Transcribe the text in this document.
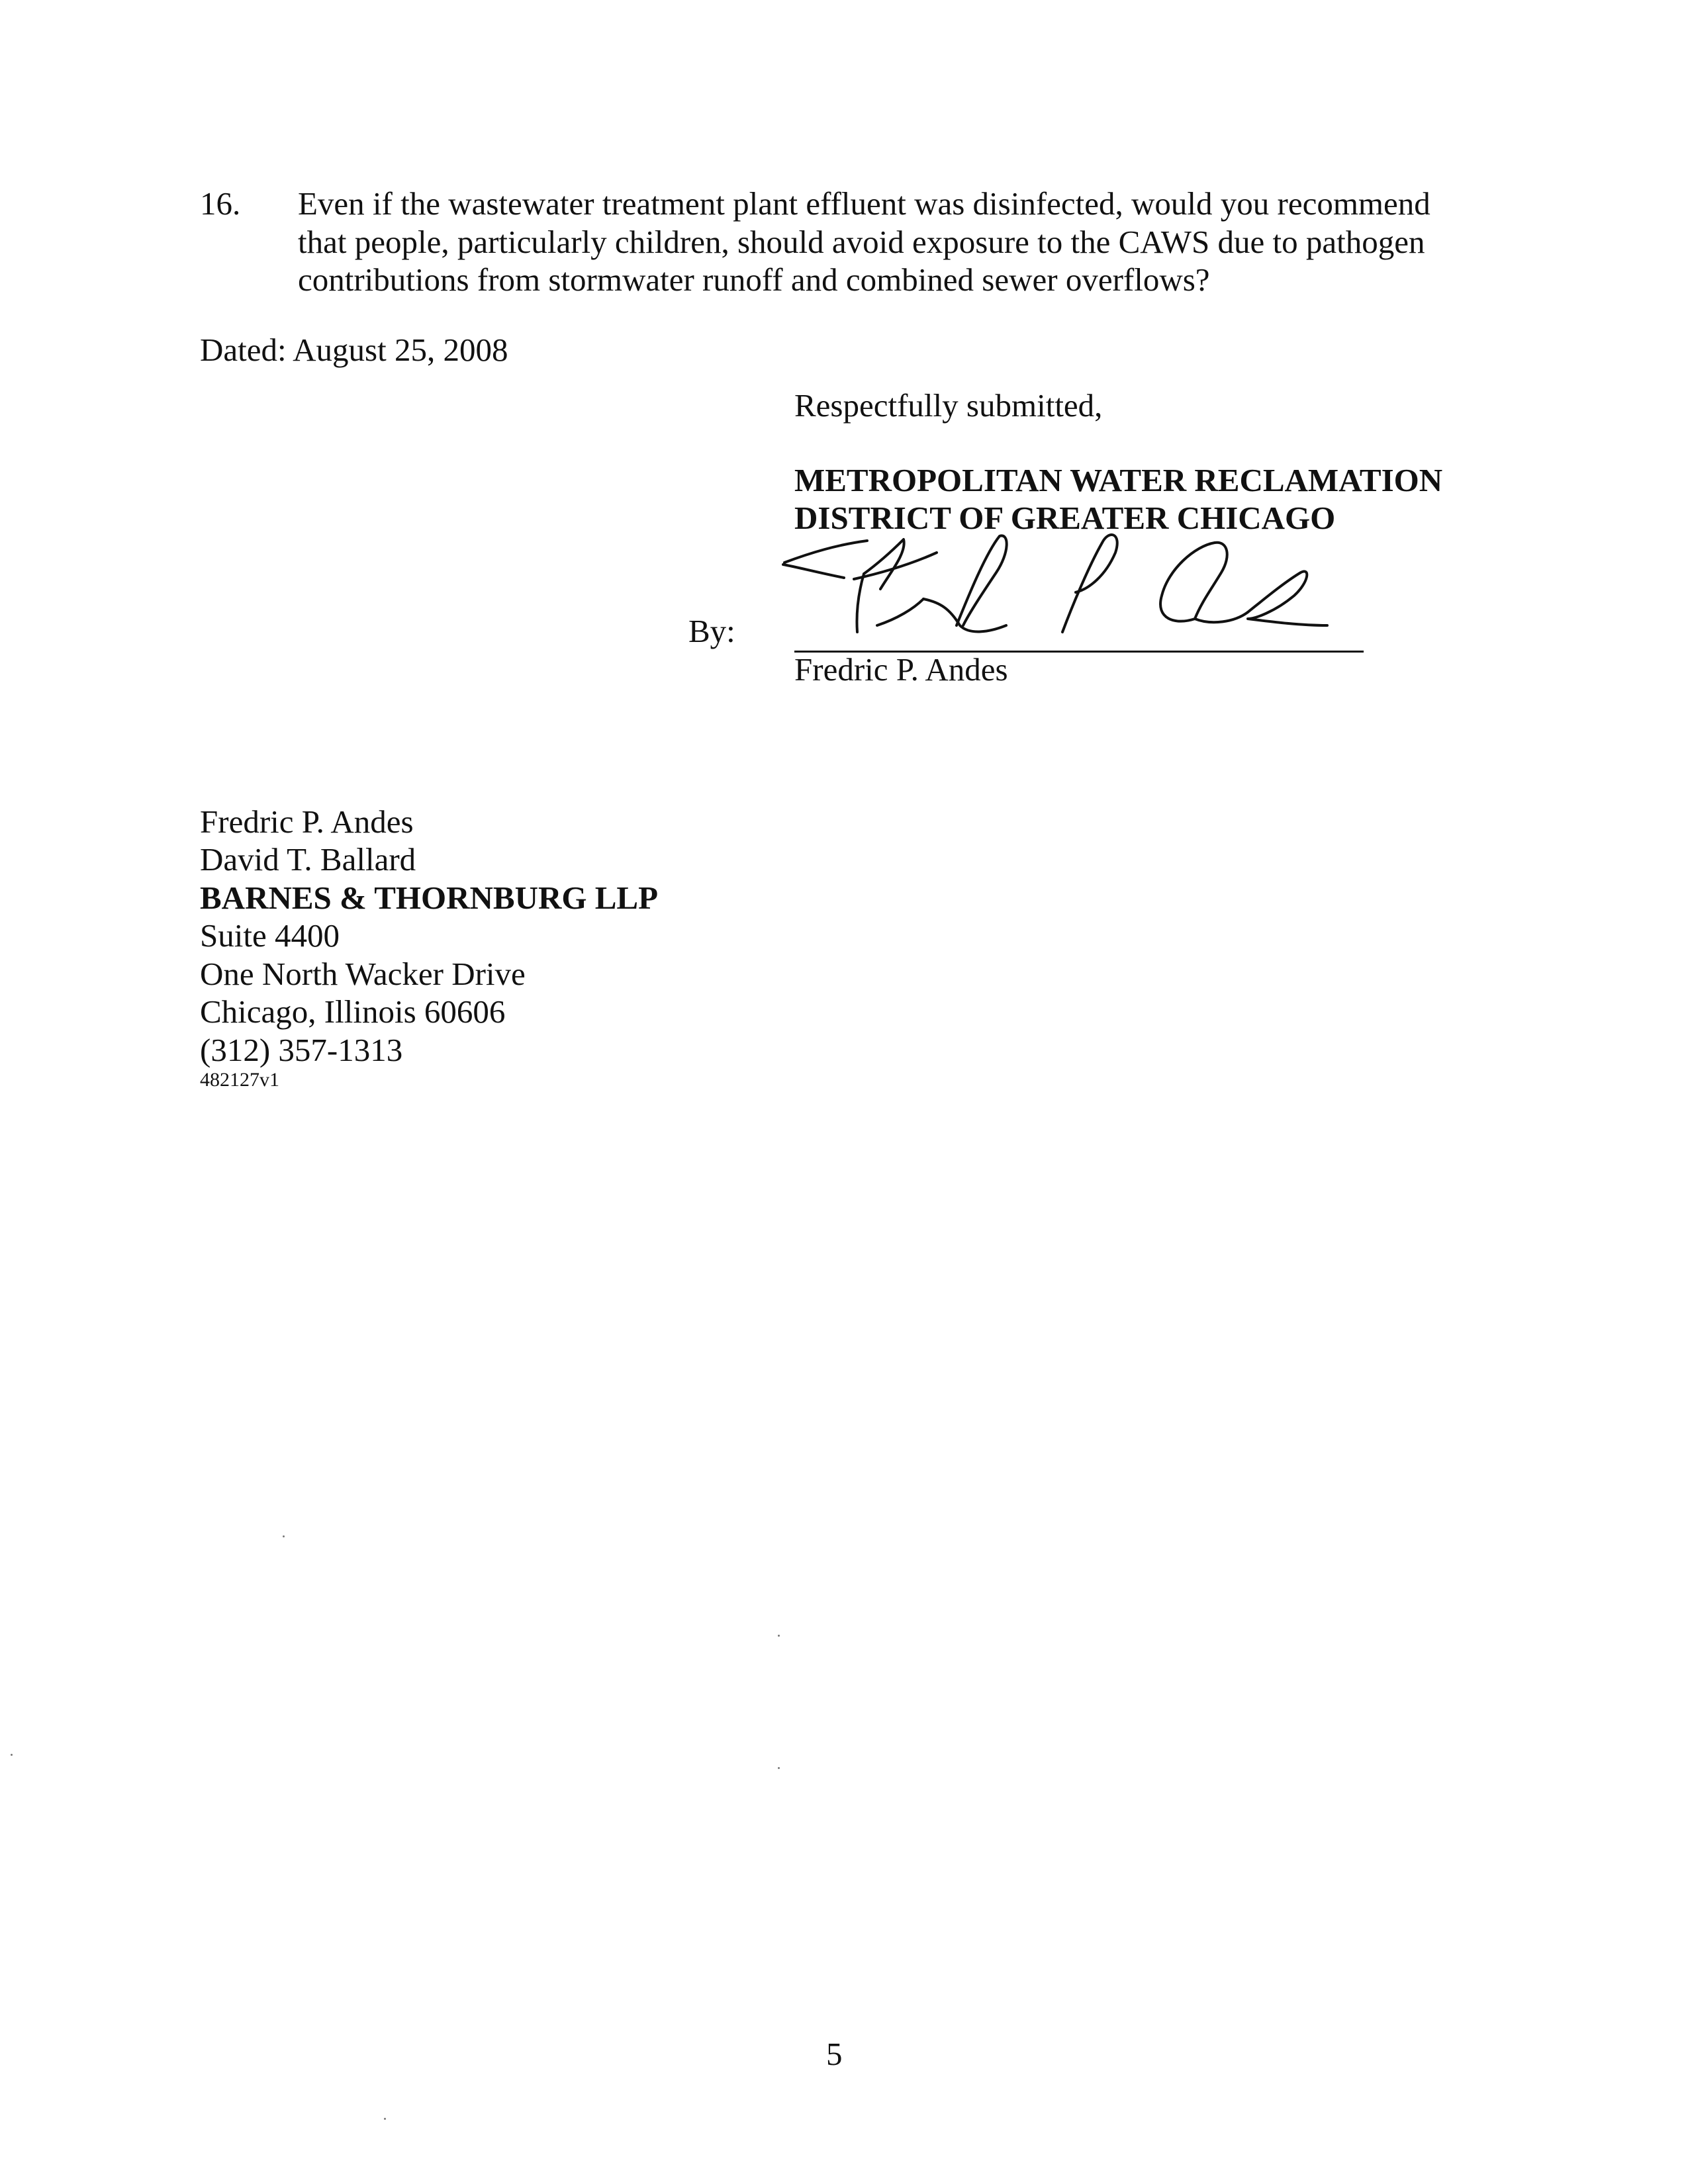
16. Even if the wastewater treatment plant effluent was disinfected, would you recommend
that people, particularly children, should avoid exposure to the CAWS due to pathogen
contributions from stormwater runoff and combined sewer overflows?
Dated: August 25, 2008
Respectfully submitted,
METROPOLITAN WATER RECLAMATION
DISTRICT OF GREATER CHICAGO
By:
Fredric P. Andes
Fredric P. Andes
David T. Ballard
BARNES & THORNBURG LLP
Suite 4400
One North Wacker Drive
Chicago, Illinois 60606
(312) 357-1313
482127v1
5
